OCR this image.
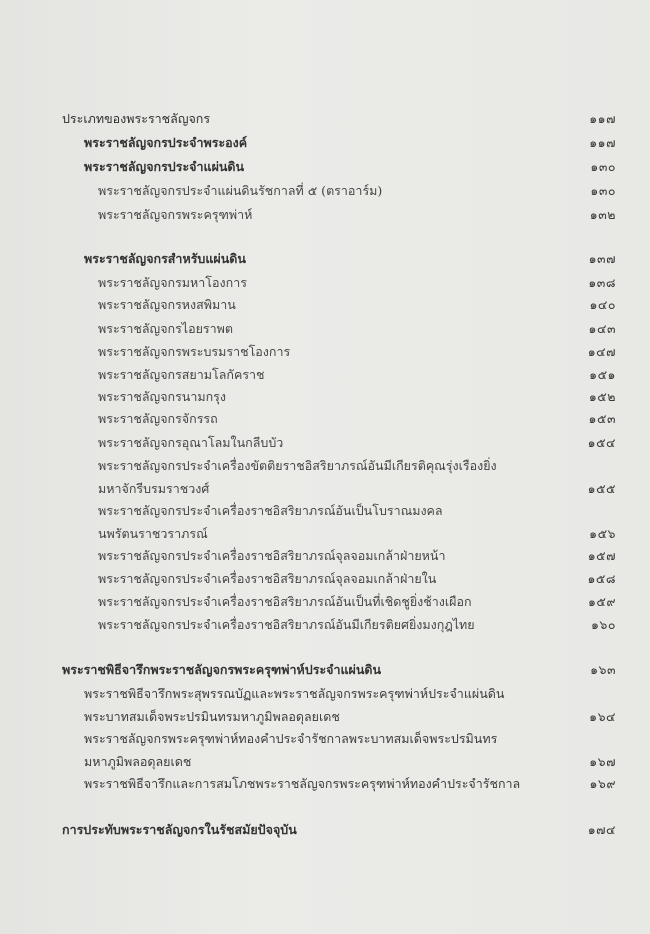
ประเภทของพระราชลัญจกร	๑๑๗
พระราชลัญจกรประจำพระองค์	๑๑๗
พระราชลัญจกรประจำแผ่นดิน	๑๓๐
พระราชลัญจกรประจำแผ่นดินรัชกาลที่ ๕ (ตราอาร์ม)	๑๓๐
พระราชลัญจกรพระครุฑพ่าห์	๑๓๒
พระราชลัญจกรสำหรับแผ่นดิน	๑๓๗
พระราชลัญจกรมหาโองการ	๑๓๘
พระราชลัญจกรหงสพิมาน	๑๔๐
พระราชลัญจกรไอยราพต	๑๔๓
พระราชลัญจกรพระบรมราชโองการ	๑๔๗
พระราชลัญจกรสยามโลกัคราช	๑๕๑
พระราชลัญจกรนามกรุง	๑๕๒
พระราชลัญจกรจักรรถ	๑๕๓
พระราชลัญจกรอุณาโลมในกลีบบัว	๑๕๔
พระราชลัญจกรประจำเครื่องขัตติยราชอิสริยาภรณ์อันมีเกียรติคุณรุ่งเรืองยิ่ง
มหาจักรีบรมราชวงศ์	๑๕๕
พระราชลัญจกรประจำเครื่องราชอิสริยาภรณ์อันเป็นโบราณมงคล
นพรัตนราชวราภรณ์	๑๕๖
พระราชลัญจกรประจำเครื่องราชอิสริยาภรณ์จุลจอมเกล้าฝ่ายหน้า	๑๕๗
พระราชลัญจกรประจำเครื่องราชอิสริยาภรณ์จุลจอมเกล้าฝ่ายใน	๑๕๘
พระราชลัญจกรประจำเครื่องราชอิสริยาภรณ์อันเป็นที่เชิดชูยิ่งช้างเผือก	๑๕๙
พระราชลัญจกรประจำเครื่องราชอิสริยาภรณ์อันมีเกียรติยศยิ่งมงกุฎไทย	๑๖๐
พระราชพิธีจารึกพระราชลัญจกรพระครุฑพ่าห์ประจำแผ่นดิน	๑๖๓
พระราชพิธีจารึกพระสุพรรณบัฏและพระราชลัญจกรพระครุฑพ่าห์ประจำแผ่นดิน
พระบาทสมเด็จพระปรมินทรมหาภูมิพลอดุลยเดช	๑๖๔
พระราชลัญจกรพระครุฑพ่าห์ทองคำประจำรัชกาลพระบาทสมเด็จพระปรมินทร
มหาภูมิพลอดุลยเดช	๑๖๗
พระราชพิธีจารึกและการสมโภชพระราชลัญจกรพระครุฑพ่าห์ทองคำประจำรัชกาล	๑๖๙
การประทับพระราชลัญจกรในรัชสมัยปัจจุบัน	๑๗๔
